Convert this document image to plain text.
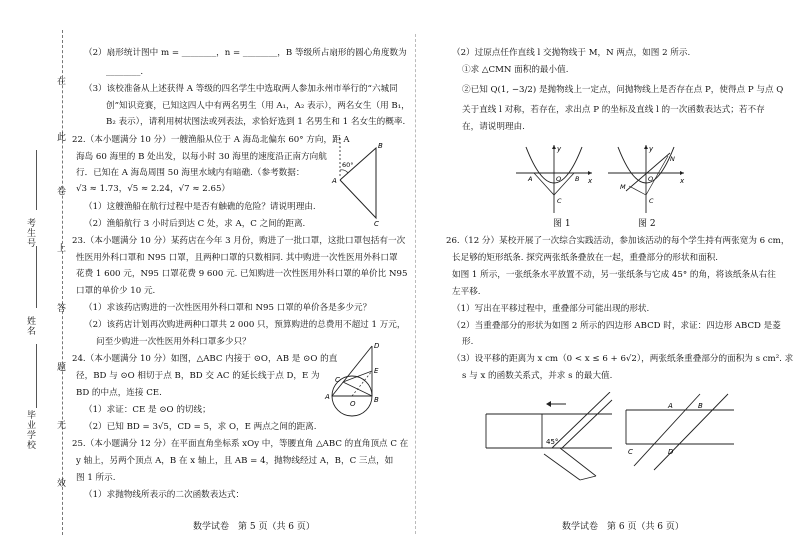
考生号
姓名
毕业学校
在
此
卷
上
答
题
无
效
（2）扇形统计图中 m = ________，n = ________，B 等级所占扇形的圆心角度数为
________.
（3）该校准备从上述获得 A 等级的四名学生中选取两人参加永州市举行的“六城同
创”知识竞赛，已知这四人中有两名男生（用 A₁，A₂ 表示），两名女生（用 B₁，
B₂ 表示），请利用树状图法或列表法，求恰好选到 1 名男生和 1 名女生的概率.
22.（本小题满分 10 分）一艘渔船从位于 A 海岛北偏东 60° 方向，距 A
海岛 60 海里的 B 处出发，以每小时 30 海里的速度沿正南方向航
行．已知在 A 海岛周围 50 海里水域内有暗礁.（参考数据：
√3 ≈ 1.73，√5 ≈ 2.24，√7 ≈ 2.65）
（1）这艘渔船在航行过程中是否有触礁的危险？请说明理由.
（2）渔船航行 3 小时后到达 C 处，求 A，C 之间的距离.
23.（本小题满分 10 分）某药店在今年 3 月份，购进了一批口罩，这批口罩包括有一次
性医用外科口罩和 N95 口罩，且两种口罩的只数相同. 其中购进一次性医用外科口罩
花费 1 600 元，N95 口罩花费 9 600 元. 已知购进一次性医用外科口罩的单价比 N95
口罩的单价少 10 元.
（1）求该药店购进的一次性医用外科口罩和 N95 口罩的单价各是多少元？
（2）该药店计划再次购进两种口罩共 2 000 只，预算购进的总费用不超过 1 万元，
问至少购进一次性医用外科口罩多少只？
24.（本小题满分 10 分）如图，△ABC 内接于 ⊙O，AB 是 ⊙O 的直
径，BD 与 ⊙O 相切于点 B，BD 交 AC 的延长线于点 D，E 为
BD 的中点，连接 CE.
（1）求证：CE 是 ⊙O 的切线；
（2）已知 BD = 3√5，CD = 5，求 O，E 两点之间的距离.
25.（本小题满分 12 分）在平面直角坐标系 xOy 中，等腰直角 △ABC 的直角顶点 C 在
y 轴上，另两个顶点 A，B 在 x 轴上，且 AB = 4，抛物线经过 A，B，C 三点，如
图 1 所示.
（1）求抛物线所表示的二次函数表达式：
数学试卷　第 5 页（共 6 页）
60°
A
B
C
A	B
C
D
E
O
（2）过原点任作直线 l 交抛物线于 M，N 两点，如图 2 所示.
①求 △CMN 面积的最小值.
②已知 Q(1, −3/2) 是抛物线上一定点，问抛物线上是否存在点 P，使得点 P 与点 Q
关于直线 l 对称，若存在，求出点 P 的坐标及直线 l 的一次函数表达式；若不存
在，请说明理由.
图 1	图 2
26.（12 分）某校开展了一次综合实践活动，参加该活动的每个学生持有两张宽为 6 cm，
长足够的矩形纸条. 探究两张纸条叠放在一起，重叠部分的形状和面积.
如图 1 所示，一张纸条水平放置不动，另一张纸条与它成 45° 的角，将该纸条从右往
左平移.
（1）写出在平移过程中，重叠部分可能出现的形状.
（2）当重叠部分的形状为如图 2 所示的四边形 ABCD 时，求证：四边形 ABCD 是菱
形.
（3）设平移的距离为 x cm（0 < x ≤ 6 + 6√2），两张纸条重叠部分的面积为 s cm². 求
s 与 x 的函数关系式，并求 s 的最大值.
数学试卷　第 6 页（共 6 页）
y
x
O
A	B
C
y
x
O
M
N
C
45°
A	B
C	D
